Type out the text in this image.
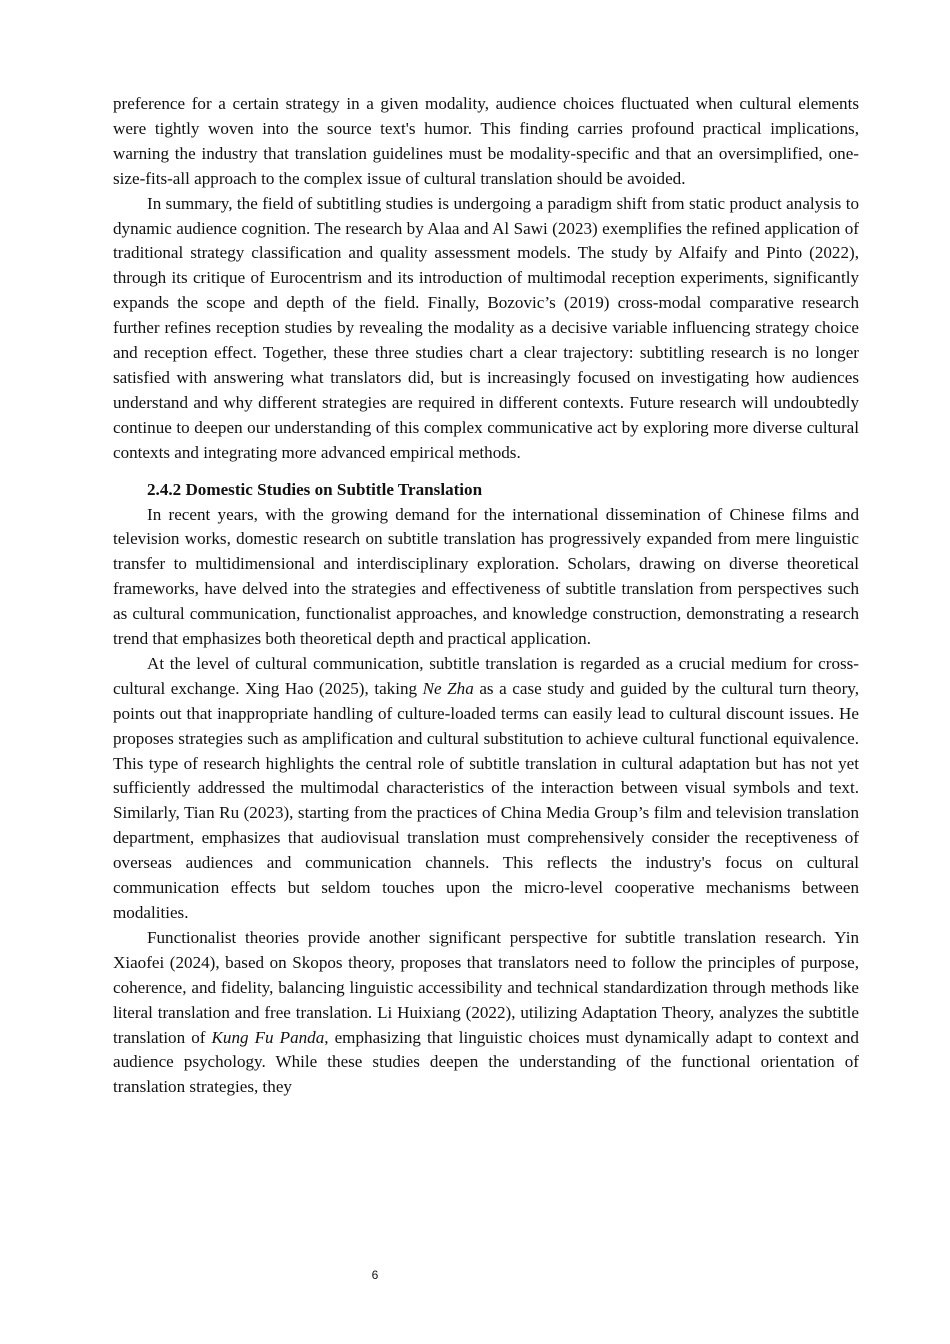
preference for a certain strategy in a given modality, audience choices fluctuated when cultural elements were tightly woven into the source text's humor. This finding carries profound practical implications, warning the industry that translation guidelines must be modality-specific and that an oversimplified, one-size-fits-all approach to the complex issue of cultural translation should be avoided.

In summary, the field of subtitling studies is undergoing a paradigm shift from static product analysis to dynamic audience cognition. The research by Alaa and Al Sawi (2023) exemplifies the refined application of traditional strategy classification and quality assessment models. The study by Alfaify and Pinto (2022), through its critique of Eurocentrism and its introduction of multimodal reception experiments, significantly expands the scope and depth of the field. Finally, Bozovic’s (2019) cross-modal comparative research further refines reception studies by revealing the modality as a decisive variable influencing strategy choice and reception effect. Together, these three studies chart a clear trajectory: subtitling research is no longer satisfied with answering what translators did, but is increasingly focused on investigating how audiences understand and why different strategies are required in different contexts. Future research will undoubtedly continue to deepen our understanding of this complex communicative act by exploring more diverse cultural contexts and integrating more advanced empirical methods.

2.4.2 Domestic Studies on Subtitle Translation

In recent years, with the growing demand for the international dissemination of Chinese films and television works, domestic research on subtitle translation has progressively expanded from mere linguistic transfer to multidimensional and interdisciplinary exploration. Scholars, drawing on diverse theoretical frameworks, have delved into the strategies and effectiveness of subtitle translation from perspectives such as cultural communication, functionalist approaches, and knowledge construction, demonstrating a research trend that emphasizes both theoretical depth and practical application.

At the level of cultural communication, subtitle translation is regarded as a crucial medium for cross-cultural exchange. Xing Hao (2025), taking Ne Zha as a case study and guided by the cultural turn theory, points out that inappropriate handling of culture-loaded terms can easily lead to cultural discount issues. He proposes strategies such as amplification and cultural substitution to achieve cultural functional equivalence. This type of research highlights the central role of subtitle translation in cultural adaptation but has not yet sufficiently addressed the multimodal characteristics of the interaction between visual symbols and text. Similarly, Tian Ru (2023), starting from the practices of China Media Group’s film and television translation department, emphasizes that audiovisual translation must comprehensively consider the receptiveness of overseas audiences and communication channels. This reflects the industry's focus on cultural communication effects but seldom touches upon the micro-level cooperative mechanisms between modalities.

Functionalist theories provide another significant perspective for subtitle translation research. Yin Xiaofei (2024), based on Skopos theory, proposes that translators need to follow the principles of purpose, coherence, and fidelity, balancing linguistic accessibility and technical standardization through methods like literal translation and free translation. Li Huixiang (2022), utilizing Adaptation Theory, analyzes the subtitle translation of Kung Fu Panda, emphasizing that linguistic choices must dynamically adapt to context and audience psychology. While these studies deepen the understanding of the functional orientation of translation strategies, they

6
